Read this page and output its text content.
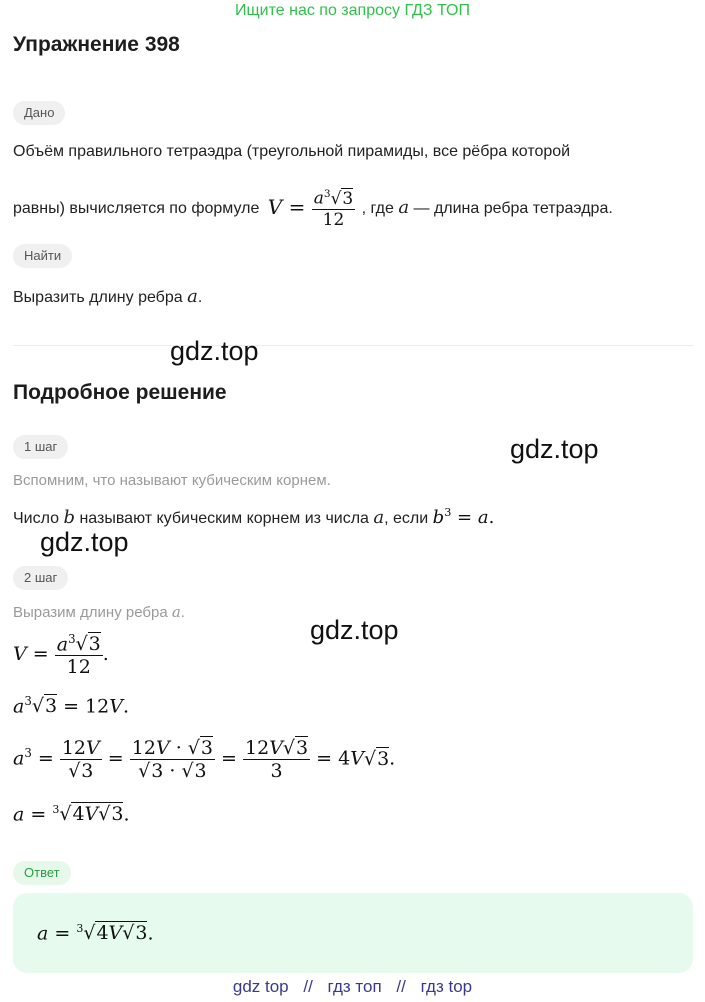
Ищите нас по запросу ГДЗ ТОП
Упражнение 398
Дано
Объём правильного тетраэдра (треугольной пирамиды, все рёбра которой
равны) вычисляется по формуле $V = \frac{a^3√3}{12}$ , где a — длина ребра тетраэдра.
Найти
Выразить длину ребра a.
gdz.top
Подробное решение
1 шаг	gdz.top
Вспомним, что называют кубическим корнем.
Число b называют кубическим корнем из числа a, если $b^3 = a$.
gdz.top
2 шаг
Выразим длину ребра a.
gdz.top
$V = \frac{a^3√3}{12}$ .
$a^3√3 = 12V$.
$a^3 = \frac{12V}{√3} = \frac{12V \cdot √3}{√3 \cdot √3} = \frac{12V√3}{3} = 4V√3$.
a = $^3$√4V√3.
Ответ
a = $^3$√4V√3.
gdz top // гдз топ // гдз top
